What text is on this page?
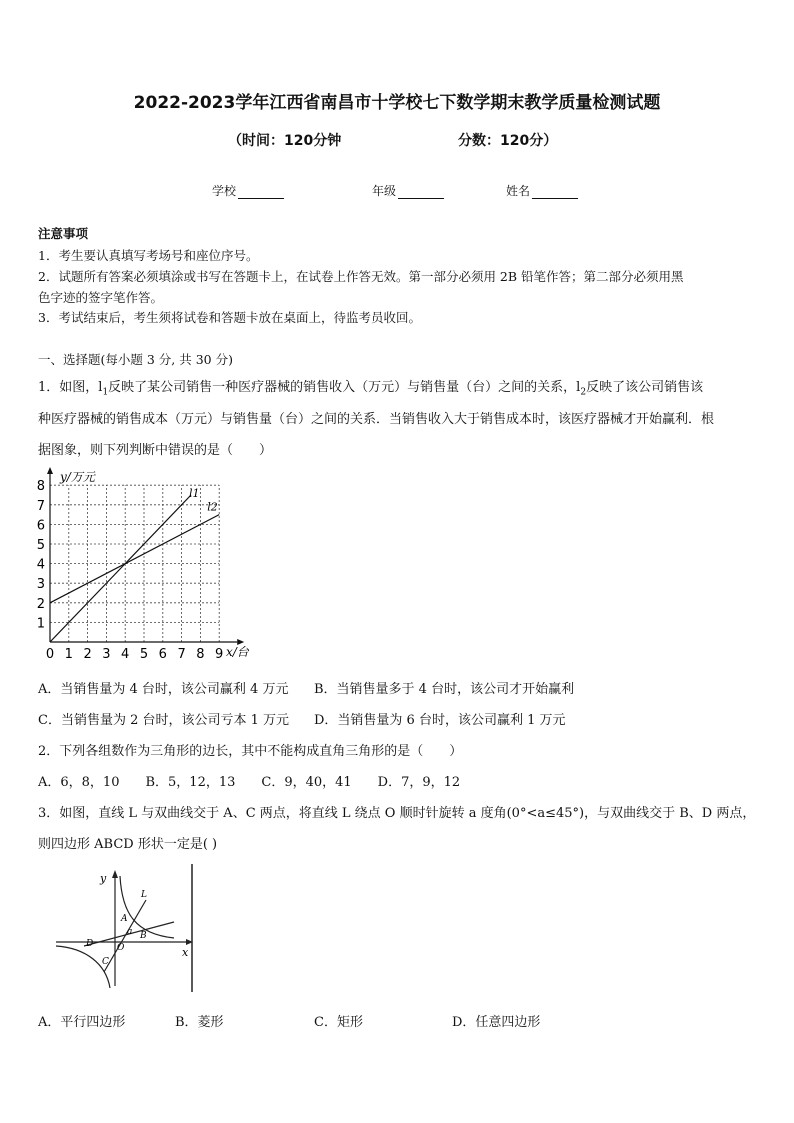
2022-2023学年江西省南昌市十学校七下数学期末教学质量检测试题
（时间：120分钟	分数：120分）
学校	年级	姓名
注意事项
1．考生要认真填写考场号和座位序号。
2．试题所有答案必须填涂或书写在答题卡上，在试卷上作答无效。第一部分必须用 2B 铅笔作答；第二部分必须用黑
色字迹的签字笔作答。
3．考试结束后，考生须将试卷和答题卡放在桌面上，待监考员收回。
一、选择题(每小题 3 分, 共 30 分)
1．如图，$l_1$反映了某公司销售一种医疗器械的销售收入（万元）与销售量（台）之间的关系，$l_2$反映了该公司销售该
种医疗器械的销售成本（万元）与销售量（台）之间的关系．当销售收入大于销售成本时，该医疗器械才开始赢利．根
据图象，则下列判断中错误的是（　　）
0 1 2 3 4 5 6 7 8 9
1
2
3
4
5
6
7
8	l1
l2
y/万元
x/台
A．当销售量为 4 台时，该公司赢利 4 万元 B．当销售量多于 4 台时，该公司才开始赢利
C．当销售量为 2 台时，该公司亏本 1 万元 D．当销售量为 6 台时，该公司赢利 1 万元
2．下列各组数作为三角形的边长，其中不能构成直角三角形的是（　　）
A．6，8，10　　B．5，12，13　　C．9，40，41　　D．7，9，12
3．如图，直线 L 与双曲线交于 A、C 两点，将直线 L 绕点 O 顺时针旋转 a 度角(0°<a≤45°)，与双曲线交于 B、D 两点，
则四边形 ABCD 形状一定是( )
y
x
L
A
a B
O
D
C
A．平行四边形	B．菱形	C．矩形	D．任意四边形
